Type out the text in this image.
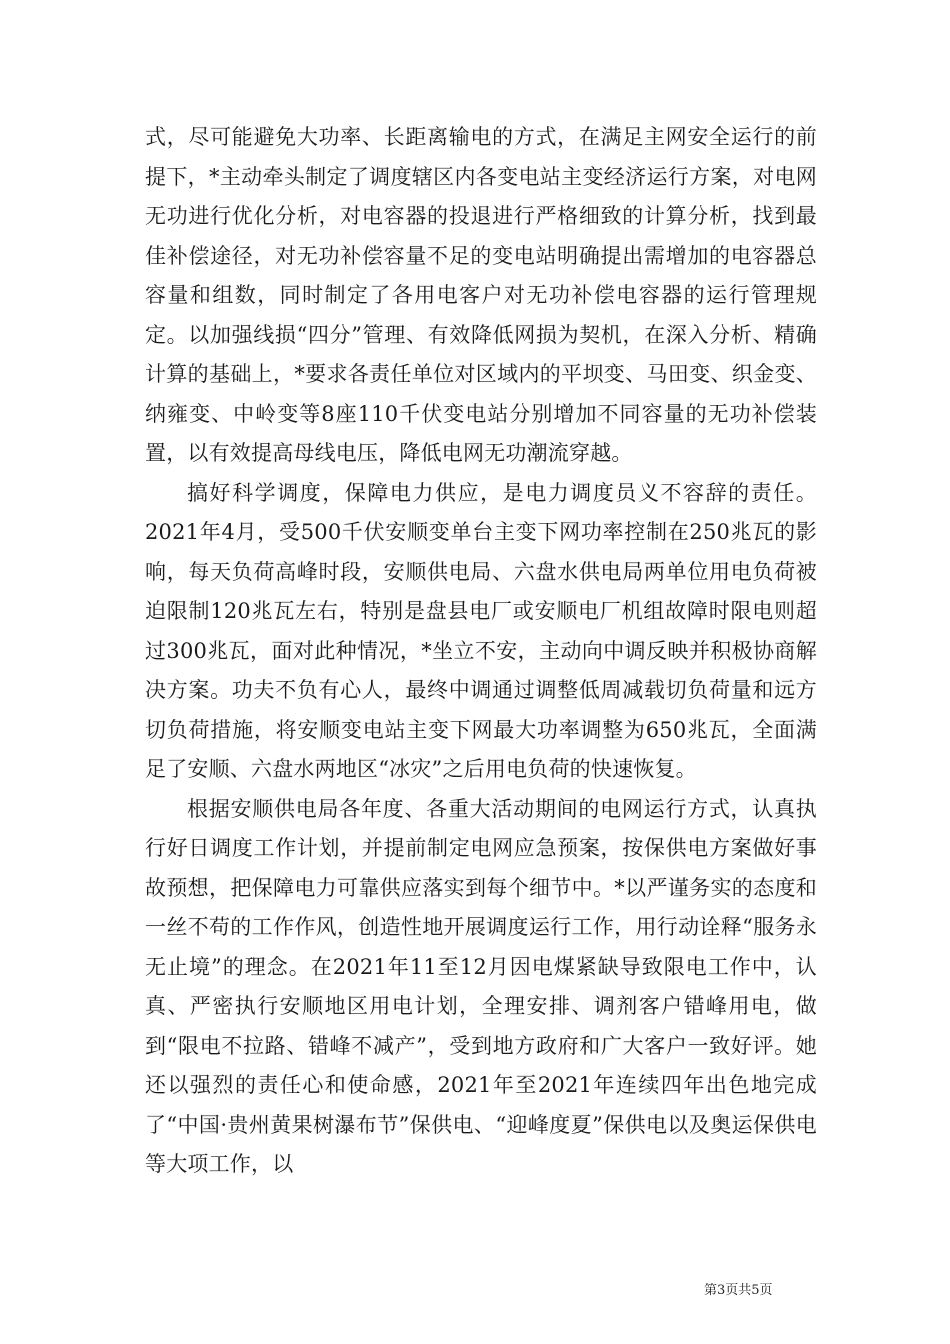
式，尽可能避免大功率、长距离输电的方式，在满足主网安全运行的前提下，*主动牵头制定了调度辖区内各变电站主变经济运行方案，对电网无功进行优化分析，对电容器的投退进行严格细致的计算分析，找到最佳补偿途径，对无功补偿容量不足的变电站明确提出需增加的电容器总容量和组数，同时制定了各用电客户对无功补偿电容器的运行管理规定。以加强线损“四分”管理、有效降低网损为契机，在深入分析、精确计算的基础上，*要求各责任单位对区域内的平坝变、马田变、织金变、纳雍变、中岭变等8座110千伏变电站分别增加不同容量的无功补偿装置，以有效提高母线电压，降低电网无功潮流穿越。

搞好科学调度，保障电力供应，是电力调度员义不容辞的责任。2021年4月，受500千伏安顺变单台主变下网功率控制在250兆瓦的影响，每天负荷高峰时段，安顺供电局、六盘水供电局两单位用电负荷被迫限制120兆瓦左右，特别是盘县电厂或安顺电厂机组故障时限电则超过300兆瓦，面对此种情况，*坐立不安，主动向中调反映并积极协商解决方案。功夫不负有心人，最终中调通过调整低周减载切负荷量和远方切负荷措施，将安顺变电站主变下网最大功率调整为650兆瓦，全面满足了安顺、六盘水两地区“冰灾”之后用电负荷的快速恢复。

根据安顺供电局各年度、各重大活动期间的电网运行方式，认真执行好日调度工作计划，并提前制定电网应急预案，按保供电方案做好事故预想，把保障电力可靠供应落实到每个细节中。*以严谨务实的态度和一丝不苟的工作作风，创造性地开展调度运行工作，用行动诠释“服务永无止境”的理念。在2021年11至12月因电煤紧缺导致限电工作中，认真、严密执行安顺地区用电计划，全理安排、调剂客户错峰用电，做到“限电不拉路、错峰不减产”，受到地方政府和广大客户一致好评。她还以强烈的责任心和使命感，2021年至2021年连续四年出色地完成了“中国·贵州黄果树瀑布节”保供电、“迎峰度夏”保供电以及奥运保供电等大项工作，以

第3页共5页
